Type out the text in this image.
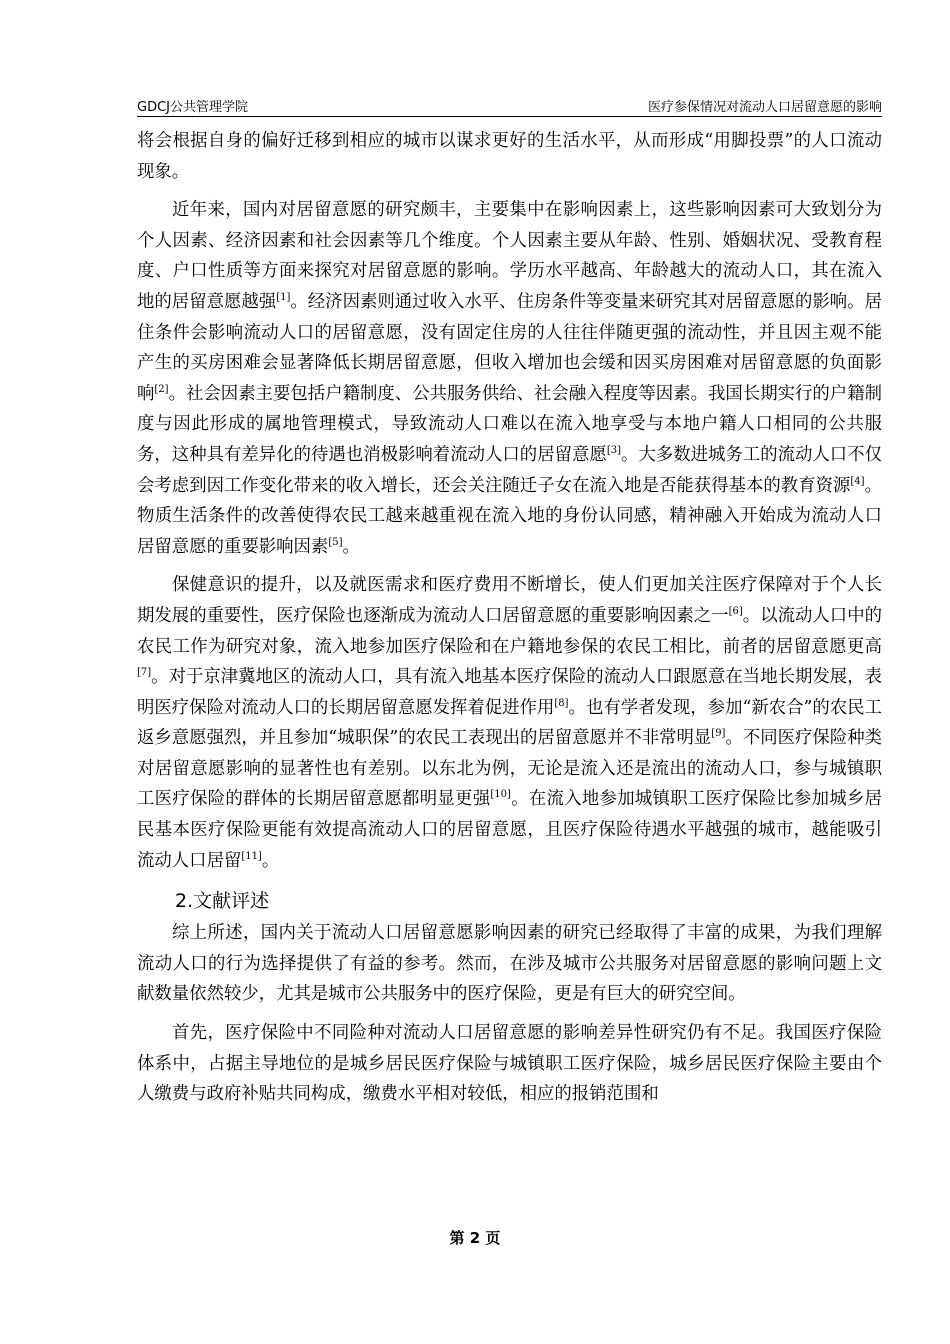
GDCJ公共管理学院	医疗参保情况对流动人口居留意愿的影响

将会根据自身的偏好迁移到相应的城市以谋求更好的生活水平，从而形成“用脚投票”的人口流动现象。

近年来，国内对居留意愿的研究颇丰，主要集中在影响因素上，这些影响因素可大致划分为个人因素、经济因素和社会因素等几个维度。个人因素主要从年龄、性别、婚姻状况、受教育程度、户口性质等方面来探究对居留意愿的影响。学历水平越高、年龄越大的流动人口，其在流入地的居留意愿越强[1]。经济因素则通过收入水平、住房条件等变量来研究其对居留意愿的影响。居住条件会影响流动人口的居留意愿，没有固定住房的人往往伴随更强的流动性，并且因主观不能产生的买房困难会显著降低长期居留意愿，但收入增加也会缓和因买房困难对居留意愿的负面影响[2]。社会因素主要包括户籍制度、公共服务供给、社会融入程度等因素。我国长期实行的户籍制度与因此形成的属地管理模式，导致流动人口难以在流入地享受与本地户籍人口相同的公共服务，这种具有差异化的待遇也消极影响着流动人口的居留意愿[3]。大多数进城务工的流动人口不仅会考虑到因工作变化带来的收入增长，还会关注随迁子女在流入地是否能获得基本的教育资源[4]。物质生活条件的改善使得农民工越来越重视在流入地的身份认同感，精神融入开始成为流动人口居留意愿的重要影响因素[5]。

保健意识的提升，以及就医需求和医疗费用不断增长，使人们更加关注医疗保障对于个人长期发展的重要性，医疗保险也逐渐成为流动人口居留意愿的重要影响因素之一[6]。以流动人口中的农民工作为研究对象，流入地参加医疗保险和在户籍地参保的农民工相比，前者的居留意愿更高[7]。对于京津冀地区的流动人口，具有流入地基本医疗保险的流动人口跟愿意在当地长期发展，表明医疗保险对流动人口的长期居留意愿发挥着促进作用[8]。也有学者发现，参加“新农合”的农民工返乡意愿强烈，并且参加“城职保”的农民工表现出的居留意愿并不非常明显[9]。不同医疗保险种类对居留意愿影响的显著性也有差别。以东北为例，无论是流入还是流出的流动人口，参与城镇职工医疗保险的群体的长期居留意愿都明显更强[10]。在流入地参加城镇职工医疗保险比参加城乡居民基本医疗保险更能有效提高流动人口的居留意愿，且医疗保险待遇水平越强的城市，越能吸引流动人口居留[11]。

2.文献评述

综上所述，国内关于流动人口居留意愿影响因素的研究已经取得了丰富的成果，为我们理解流动人口的行为选择提供了有益的参考。然而，在涉及城市公共服务对居留意愿的影响问题上文献数量依然较少，尤其是城市公共服务中的医疗保险，更是有巨大的研究空间。

首先，医疗保险中不同险种对流动人口居留意愿的影响差异性研究仍有不足。我国医疗保险体系中，占据主导地位的是城乡居民医疗保险与城镇职工医疗保险，城乡居民医疗保险主要由个人缴费与政府补贴共同构成，缴费水平相对较低，相应的报销范围和

第 2 页
